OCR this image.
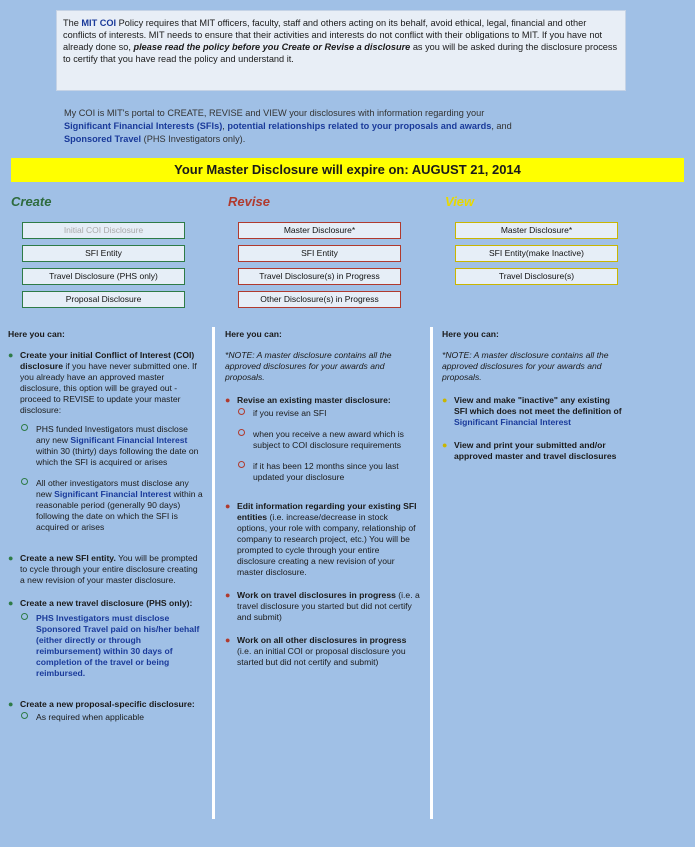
The MIT COI Policy requires that MIT officers, faculty, staff and others acting on its behalf, avoid ethical, legal, financial and other conflicts of interests. MIT needs to ensure that their activities and interests do not conflict with their obligations to MIT. If you have not already done so, please read the policy before you Create or Revise a disclosure as you will be asked during the disclosure process to certify that you have read the policy and understand it.
My COI is MIT's portal to CREATE, REVISE and VIEW your disclosures with information regarding your
Significant Financial Interests (SFIs), potential relationships related to your proposals and awards, and
Sponsored Travel (PHS Investigators only).
Your Master Disclosure will expire on: AUGUST 21, 2014
Create	Revise	View
Initial COI Disclosure
SFI Entity
Travel Disclosure (PHS only)
Proposal Disclosure
Master Disclosure*
SFI Entity
Travel Disclosure(s) in Progress
Other Disclosure(s) in Progress
Master Disclosure*
SFI Entity(make Inactive)
Travel Disclosure(s)
Here you can:
● Create your initial Conflict of Interest (COI) disclosure if you have never submitted one. If you already have an approved master disclosure, this option will be grayed out - proceed to REVISE to update your master disclosure:
PHS funded Investigators must disclose any new Significant Financial Interest within 30 (thirty) days following the date on which the SFI is acquired or arises
All other investigators must disclose any new Significant Financial Interest within a reasonable period (generally 90 days) following the date on which the SFI is acquired or arises
● Create a new SFI entity. You will be prompted to cycle through your entire disclosure creating a new revision of your master disclosure.
● Create a new travel disclosure (PHS only):
PHS Investigators must disclose Sponsored Travel paid on his/her behalf (either directly or through reimbursement) within 30 days of completion of the travel or being reimbursed.
● Create a new proposal-specific disclosure:
As required when applicable
Here you can:
*NOTE: A master disclosure contains all the approved disclosures for your awards and proposals.
● Revise an existing master disclosure:
if you revise an SFI
when you receive a new award which is subject to COI disclosure requirements
if it has been 12 months since you last updated your disclosure
● Edit information regarding your existing SFI entities (i.e. increase/decrease in stock options, your role with company, relationship of company to research project, etc.) You will be prompted to cycle through your entire disclosure creating a new revision of your master disclosure.
● Work on travel disclosures in progress (i.e. a travel disclosure you started but did not certify and submit)
● Work on all other disclosures in progress (i.e. an initial COI or proposal disclosure you started but did not certify and submit)
Here you can:
*NOTE: A master disclosure contains all the approved disclosures for your awards and proposals.
● View and make "inactive" any existing SFI which does not meet the definition of
Significant Financial Interest
● View and print your submitted and/or approved master and travel disclosures
